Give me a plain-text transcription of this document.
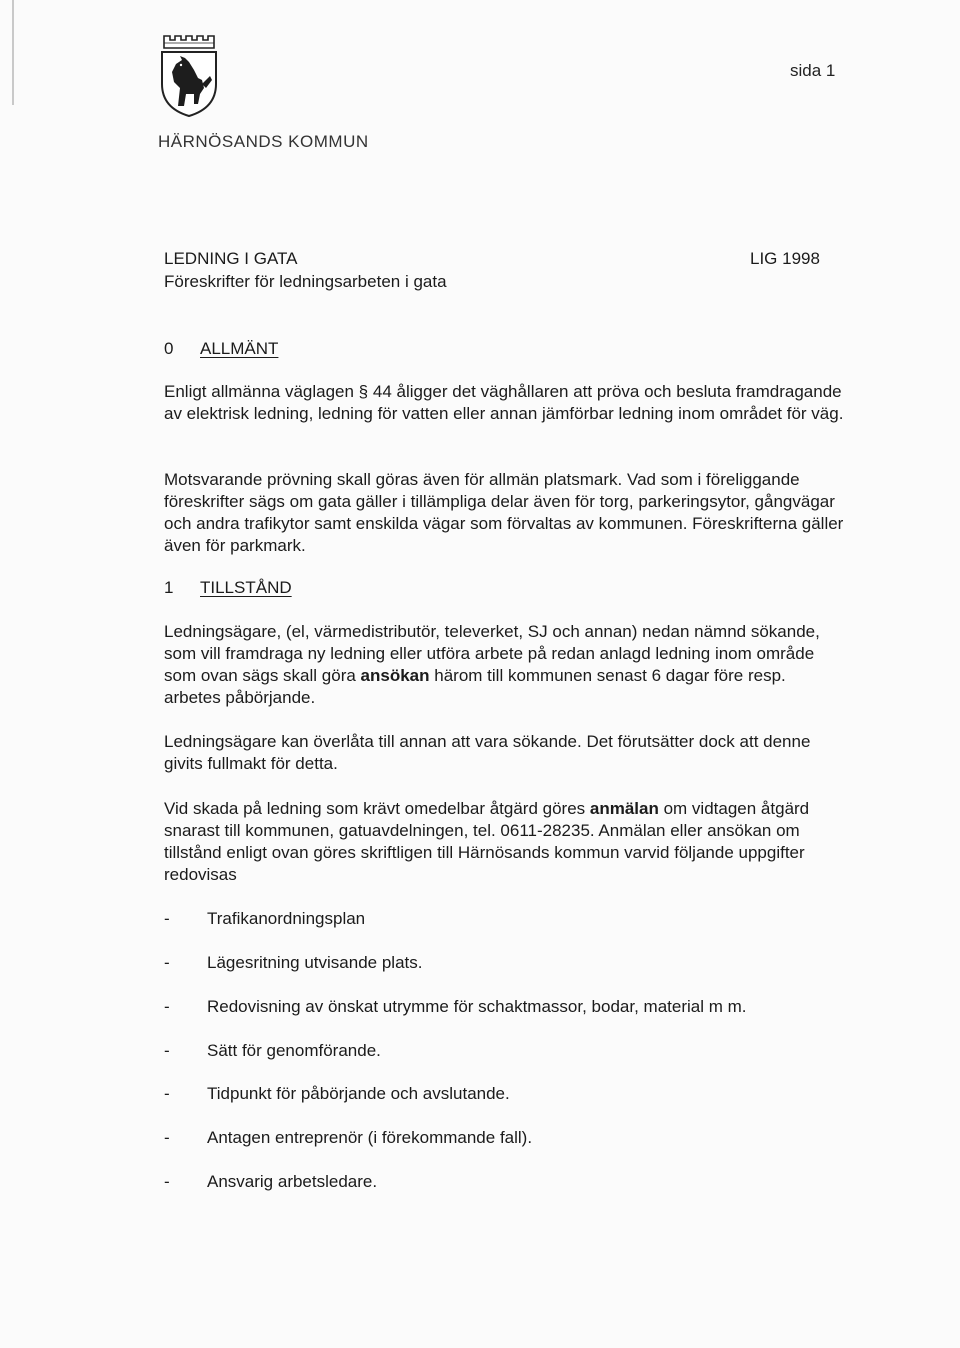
HÄRNÖSANDS KOMMUN
sida 1
LEDNING I GATA
Föreskrifter för ledningsarbeten i gata
LIG 1998
0 ALLMÄNT
Enligt allmänna väglagen § 44 åligger det väghållaren att pröva och besluta framdragande av elektrisk ledning, ledning för vatten eller annan jämförbar ledning inom området för väg.
Motsvarande prövning skall göras även för allmän platsmark. Vad som i föreliggande föreskrifter sägs om gata gäller i tillämpliga delar även för torg, parkeringsytor, gångvägar och andra trafikytor samt enskilda vägar som förvaltas av kommunen. Föreskrifterna gäller även för parkmark.
1 TILLSTÅND
Ledningsägare, (el, värmedistributör, televerket, SJ och annan) nedan nämnd sökande, som vill framdraga ny ledning eller utföra arbete på redan anlagd ledning inom område som ovan sägs skall göra ansökan härom till kommunen senast 6 dagar före resp. arbetes påbörjande.
Ledningsägare kan överlåta till annan att vara sökande. Det förutsätter dock att denne givits fullmakt för detta.
Vid skada på ledning som krävt omedelbar åtgärd göres anmälan om vidtagen åtgärd snarast till kommunen, gatuavdelningen, tel. 0611-28235. Anmälan eller ansökan om tillstånd enligt ovan göres skriftligen till Härnösands kommun varvid följande uppgifter redovisas
- Trafikanordningsplan
- Lägesritning utvisande plats.
- Redovisning av önskat utrymme för schaktmassor, bodar, material m m.
- Sätt för genomförande.
- Tidpunkt för påbörjande och avslutande.
- Antagen entreprenör (i förekommande fall).
- Ansvarig arbetsledare.
